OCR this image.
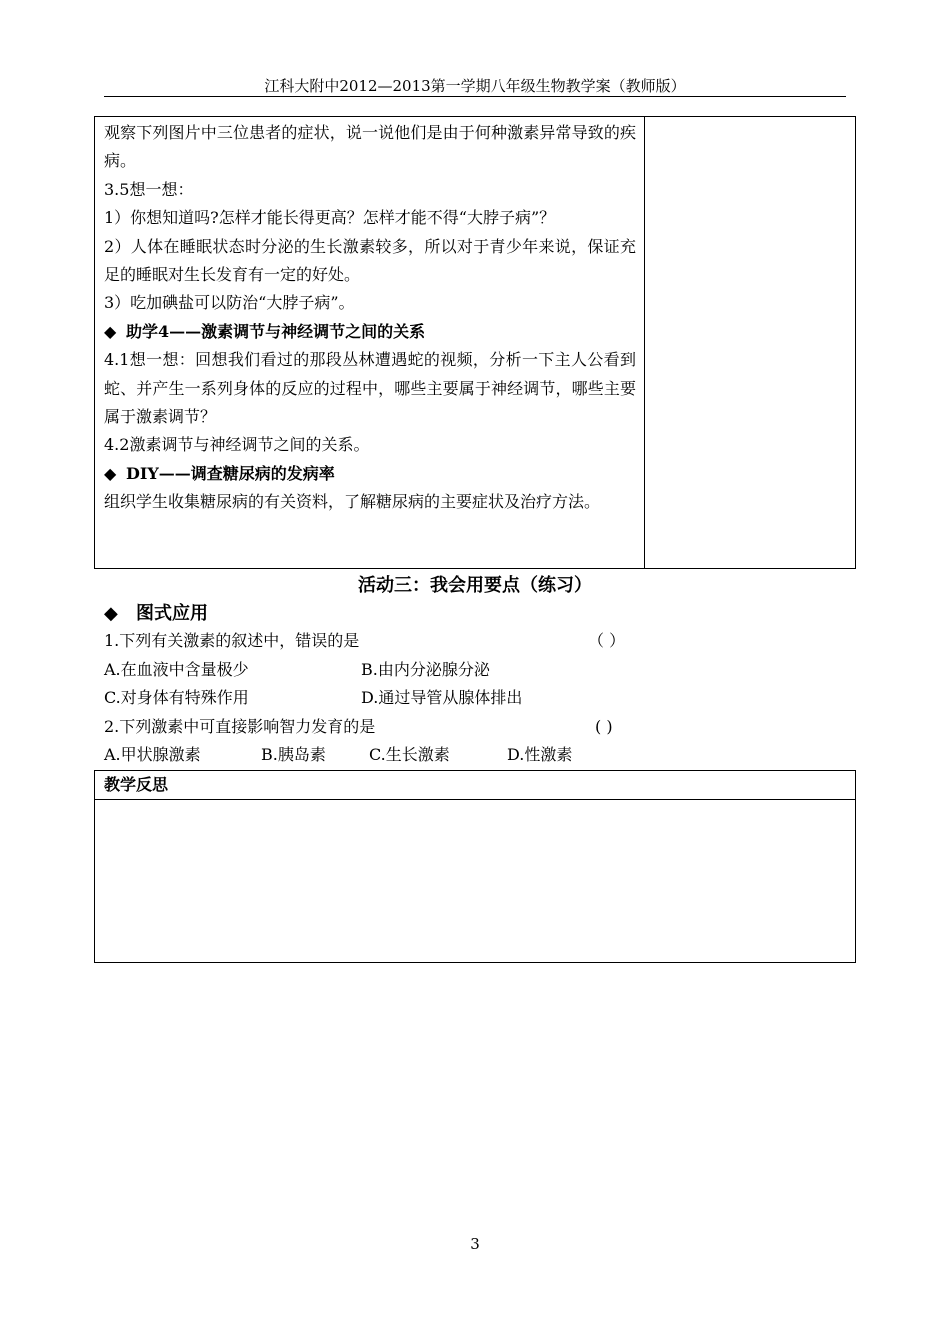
江科大附中2012—2013第一学期八年级生物教学案（教师版）

观察下列图片中三位患者的症状，说一说他们是由于何种激素异常导致的疾病。

3.5想一想：

1）你想知道吗?怎样才能长得更高？怎样才能不得“大脖子病”？

2）人体在睡眠状态时分泌的生长激素较多，所以对于青少年来说，保证充足的睡眠对生长发育有一定的好处。

3）吃加碘盐可以防治“大脖子病”。

◆ 助学4——激素调节与神经调节之间的关系

4.1想一想：回想我们看过的那段丛林遭遇蛇的视频，分析一下主人公看到蛇、并产生一系列身体的反应的过程中，哪些主要属于神经调节，哪些主要属于激素调节？

4.2激素调节与神经调节之间的关系。

◆ DIY——调查糖尿病的发病率

组织学生收集糖尿病的有关资料，了解糖尿病的主要症状及治疗方法。

活动三：我会用要点（练习）
◆ 图式应用
1.下列有关激素的叙述中，错误的是	（ ）
A.在血液中含量极少	B.由内分泌腺分泌
C.对身体有特殊作用	D.通过导管从腺体排出
2.下列激素中可直接影响智力发育的是	( )
A.甲状腺激素	B.胰岛素	C.生长激素	D.性激素
教学反思
3
